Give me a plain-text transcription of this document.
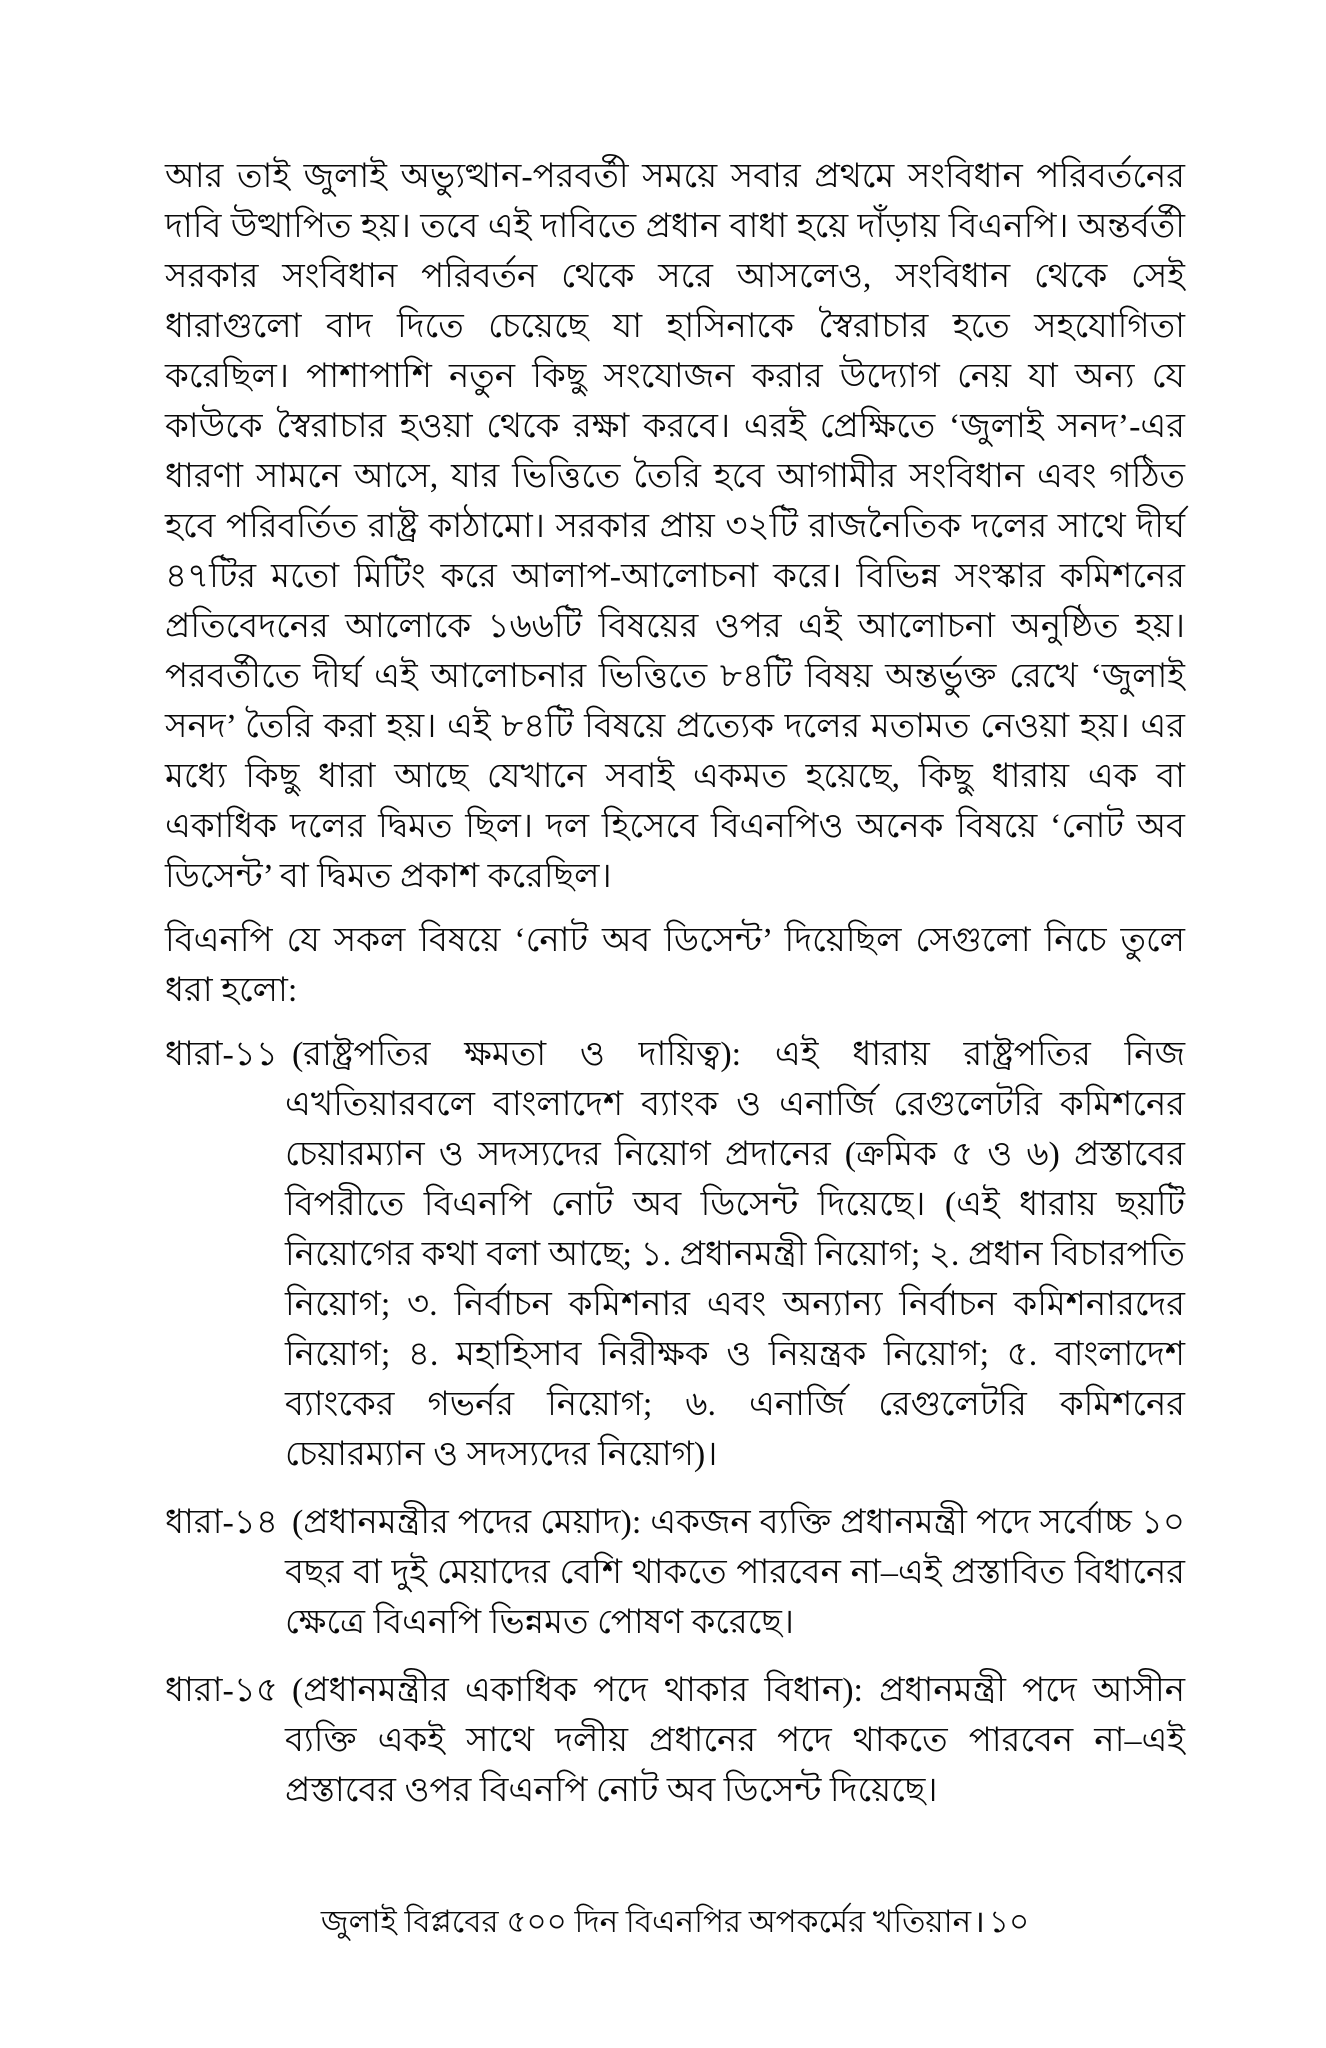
আর তাই জুলাই অভ্যুত্থান-পরবর্তী সময়ে সবার প্রথমে সংবিধান পরিবর্তনের দাবি উত্থাপিত হয়। তবে এই দাবিতে প্রধান বাধা হয়ে দাঁড়ায় বিএনপি। অন্তর্বর্তী সরকার সংবিধান পরিবর্তন থেকে সরে আসলেও, সংবিধান থেকে সেই ধারাগুলো বাদ দিতে চেয়েছে যা হাসিনাকে স্বৈরাচার হতে সহযোগিতা করেছিল। পাশাপাশি নতুন কিছু সংযোজন করার উদ্যোগ নেয় যা অন্য যে কাউকে স্বৈরাচার হওয়া থেকে রক্ষা করবে। এরই প্রেক্ষিতে ‘জুলাই সনদ’-এর ধারণা সামনে আসে, যার ভিত্তিতে তৈরি হবে আগামীর সংবিধান এবং গঠিত হবে পরিবর্তিত রাষ্ট্র কাঠামো। সরকার প্রায় ৩২টি রাজনৈতিক দলের সাথে দীর্ঘ ৪৭টির মতো মিটিং করে আলাপ-আলোচনা করে। বিভিন্ন সংস্কার কমিশনের প্রতিবেদনের আলোকে ১৬৬টি বিষয়ের ওপর এই আলোচনা অনুষ্ঠিত হয়। পরবর্তীতে দীর্ঘ এই আলোচনার ভিত্তিতে ৮৪টি বিষয় অন্তর্ভুক্ত রেখে ‘জুলাই সনদ’ তৈরি করা হয়। এই ৮৪টি বিষয়ে প্রত্যেক দলের মতামত নেওয়া হয়। এর মধ্যে কিছু ধারা আছে যেখানে সবাই একমত হয়েছে, কিছু ধারায় এক বা একাধিক দলের দ্বিমত ছিল। দল হিসেবে বিএনপিও অনেক বিষয়ে ‘নোট অব ডিসেন্ট’ বা দ্বিমত প্রকাশ করেছিল।

বিএনপি যে সকল বিষয়ে ‘নোট অব ডিসেন্ট’ দিয়েছিল সেগুলো নিচে তুলে ধরা হলো:

ধারা-১১ (রাষ্ট্রপতির ক্ষমতা ও দায়িত্ব): এই ধারায় রাষ্ট্রপতির নিজ এখতিয়ারবলে বাংলাদেশ ব্যাংক ও এনার্জি রেগুলেটরি কমিশনের চেয়ারম্যান ও সদস্যদের নিয়োগ প্রদানের (ক্রমিক ৫ ও ৬) প্রস্তাবের বিপরীতে বিএনপি নোট অব ডিসেন্ট দিয়েছে। (এই ধারায় ছয়টি নিয়োগের কথা বলা আছে; ১. প্রধানমন্ত্রী নিয়োগ; ২. প্রধান বিচারপতি নিয়োগ; ৩. নির্বাচন কমিশনার এবং অন্যান্য নির্বাচন কমিশনারদের নিয়োগ; ৪. মহাহিসাব নিরীক্ষক ও নিয়ন্ত্রক নিয়োগ; ৫. বাংলাদেশ ব্যাংকের গভর্নর নিয়োগ; ৬. এনার্জি রেগুলেটরি কমিশনের চেয়ারম্যান ও সদস্যদের নিয়োগ)।
ধারা-১৪ (প্রধানমন্ত্রীর পদের মেয়াদ): একজন ব্যক্তি প্রধানমন্ত্রী পদে সর্বোচ্চ ১০ বছর বা দুই মেয়াদের বেশি থাকতে পারবেন না–এই প্রস্তাবিত বিধানের ক্ষেত্রে বিএনপি ভিন্নমত পোষণ করেছে।
ধারা-১৫ (প্রধানমন্ত্রীর একাধিক পদে থাকার বিধান): প্রধানমন্ত্রী পদে আসীন ব্যক্তি একই সাথে দলীয় প্রধানের পদে থাকতে পারবেন না–এই প্রস্তাবের ওপর বিএনপি নোট অব ডিসেন্ট দিয়েছে।
জুলাই বিপ্লবের ৫০০ দিন বিএনপির অপকর্মের খতিয়ান। ১০
